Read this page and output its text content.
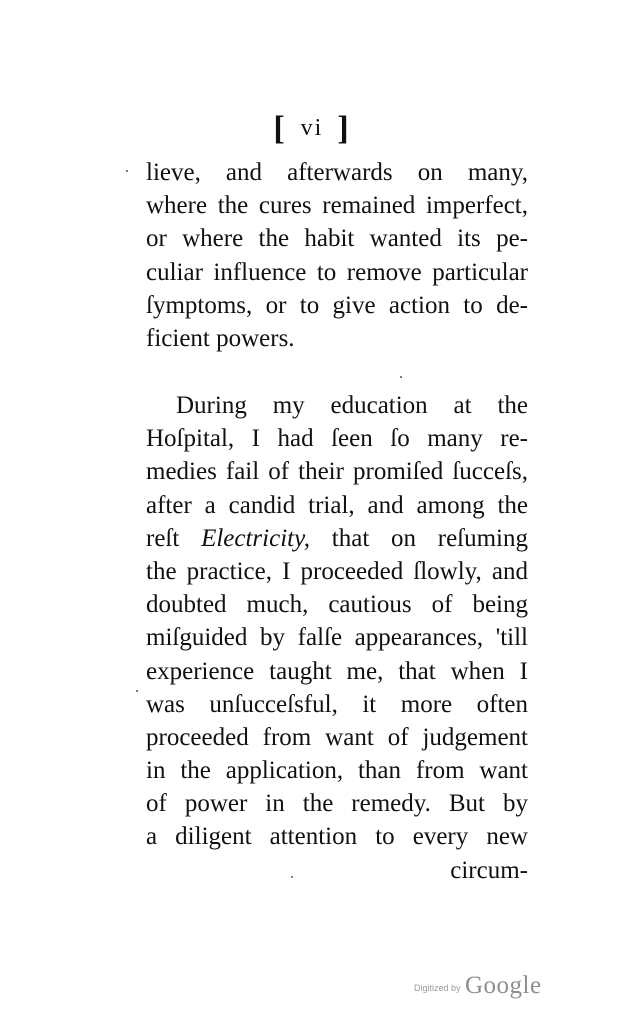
[ vi ]
lieve, and afterwards on many,
where the cures remained imperfect,
or where the habit wanted its pe-
culiar influence to remove particular
ſymptoms, or to give action to de-
ficient powers.
During my education at the
Hoſpital, I had ſeen ſo many re-
medies fail of their promiſed ſucceſs,
after a candid trial, and among the
reſt Electricity, that on reſuming
the practice, I proceeded ſlowly, and
doubted much, cautious of being
miſguided by falſe appearances, 'till
experience taught me, that when I
was unſucceſsful, it more often
proceeded from want of judgement
in the application, than from want
of power in the remedy. But by
a diligent attention to every new
circum-
Digitized by Google
